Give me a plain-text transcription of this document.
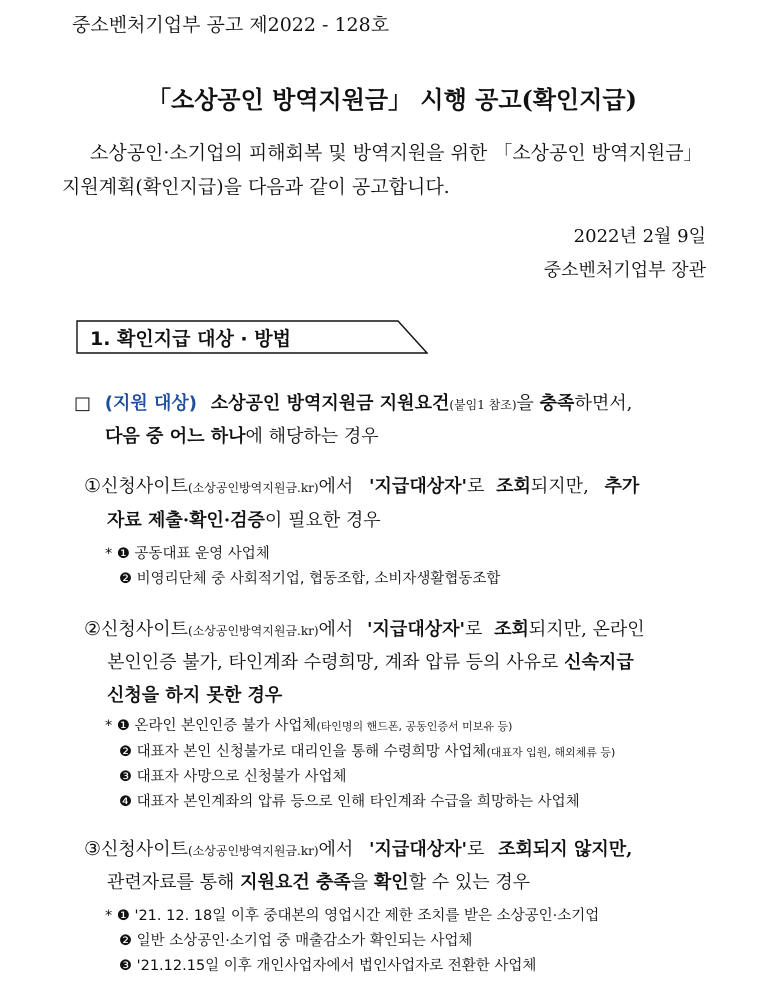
중소벤처기업부 공고 제2022 - 128호
「소상공인 방역지원금」 시행 공고(확인지급)
소상공인·소기업의 피해회복 및 방역지원을 위한 「소상공인 방역지원금」
지원계획(확인지급)을 다음과 같이 공고합니다.
2022년 2월 9일
중소벤처기업부 장관
1. 확인지급 대상 · 방법
□ (지원 대상) 소상공인 방역지원금 지원요건(붙임1 참조)을 충족하면서,
다음 중 어느 하나에 해당하는 경우
①신청사이트(소상공인방역지원금.kr)에서 '지급대상자'로 조회되지만, 추가
자료 제출·확인·검증이 필요한 경우
* ❶ 공동대표 운영 사업체
❷ 비영리단체 중 사회적기업, 협동조합, 소비자생활협동조합
②신청사이트(소상공인방역지원금.kr)에서 '지급대상자'로 조회되지만, 온라인
본인인증 불가, 타인계좌 수령희망, 계좌 압류 등의 사유로 신속지급
신청을 하지 못한 경우
* ❶ 온라인 본인인증 불가 사업체(타인명의 핸드폰, 공동인증서 미보유 등)
❷ 대표자 본인 신청불가로 대리인을 통해 수령희망 사업체(대표자 입원, 해외체류 등)
❸ 대표자 사망으로 신청불가 사업체
❹ 대표자 본인계좌의 압류 등으로 인해 타인계좌 수급을 희망하는 사업체
③신청사이트(소상공인방역지원금.kr)에서 '지급대상자'로 조회되지 않지만,
관련자료를 통해 지원요건 충족을 확인할 수 있는 경우
* ❶ '21. 12. 18일 이후 중대본의 영업시간 제한 조치를 받은 소상공인·소기업
❷ 일반 소상공인·소기업 중 매출감소가 확인되는 사업체
❸ '21.12.15일 이후 개인사업자에서 법인사업자로 전환한 사업체
